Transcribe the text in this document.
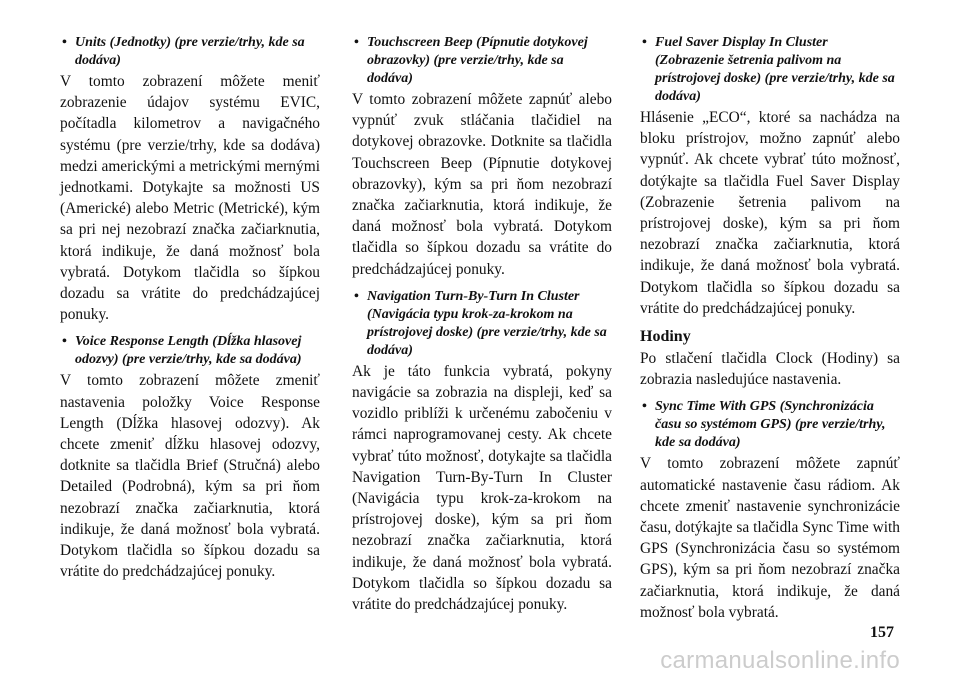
• Units (Jednotky) (pre verzie/trhy, kde sa dodáva)

V tomto zobrazení môžete meniť zobrazenie údajov systému EVIC, počítadla kilometrov a navigačného systému (pre verzie/trhy, kde sa dodáva) medzi americkými a metrickými mernými jednotkami. Dotykajte sa možnosti US (Americké) alebo Metric (Metrické), kým sa pri nej nezobrazí značka začiarknutia, ktorá indikuje, že daná možnosť bola vybratá. Dotykom tlačidla so šípkou dozadu sa vrátite do predchádzajúcej ponuky.

• Voice Response Length (Dĺžka hlasovej odozvy) (pre verzie/trhy, kde sa dodáva)

V tomto zobrazení môžete zmeniť nastavenia položky Voice Response Length (Dĺžka hlasovej odozvy). Ak chcete zmeniť dĺžku hlasovej odozvy, dotknite sa tlačidla Brief (Stručná) alebo Detailed (Podrobná), kým sa pri ňom nezobrazí značka začiarknutia, ktorá indikuje, že daná možnosť bola vybratá. Dotykom tlačidla so šípkou dozadu sa vrátite do predchádzajúcej ponuky.

• Touchscreen Beep (Pípnutie dotykovej obrazovky) (pre verzie/trhy, kde sa dodáva)

V tomto zobrazení môžete zapnúť alebo vypnúť zvuk stláčania tlačidiel na dotykovej obrazovke. Dotknite sa tlačidla Touchscreen Beep (Pípnutie dotykovej obrazovky), kým sa pri ňom nezobrazí značka začiarknutia, ktorá indikuje, že daná možnosť bola vybratá. Dotykom tlačidla so šípkou dozadu sa vrátite do predchádzajúcej ponuky.

• Navigation Turn-By-Turn In Cluster (Navigácia typu krok-za-krokom na prístrojovej doske) (pre verzie/trhy, kde sa dodáva)

Ak je táto funkcia vybratá, pokyny navigácie sa zobrazia na displeji, keď sa vozidlo priblíži k určenému zabočeniu v rámci naprogramovanej cesty. Ak chcete vybrať túto možnosť, dotykajte sa tlačidla Navigation Turn-By-Turn In Cluster (Navigácia typu krok-za-krokom na prístrojovej doske), kým sa pri ňom nezobrazí značka začiarknutia, ktorá indikuje, že daná možnosť bola vybratá. Dotykom tlačidla so šípkou dozadu sa vrátite do predchádzajúcej ponuky.

• Fuel Saver Display In Cluster (Zobrazenie šetrenia palivom na prístrojovej doske) (pre verzie/trhy, kde sa dodáva)

Hlásenie „ECO“, ktoré sa nachádza na bloku prístrojov, možno zapnúť alebo vypnúť. Ak chcete vybrať túto možnosť, dotýkajte sa tlačidla Fuel Saver Display (Zobrazenie šetrenia palivom na prístrojovej doske), kým sa pri ňom nezobrazí značka začiarknutia, ktorá indikuje, že daná možnosť bola vybratá. Dotykom tlačidla so šípkou dozadu sa vrátite do predchádzajúcej ponuky.

Hodiny

Po stlačení tlačidla Clock (Hodiny) sa zobrazia nasledujúce nastavenia.

• Sync Time With GPS (Synchronizácia času so systémom GPS) (pre verzie/trhy, kde sa dodáva)

V tomto zobrazení môžete zapnúť automatické nastavenie času rádiom. Ak chcete zmeniť nastavenie synchronizácie času, dotýkajte sa tlačidla Sync Time with GPS (Synchronizácia času so systémom GPS), kým sa pri ňom nezobrazí značka začiarknutia, ktorá indikuje, že daná možnosť bola vybratá.

157
carmanualsonline.info
